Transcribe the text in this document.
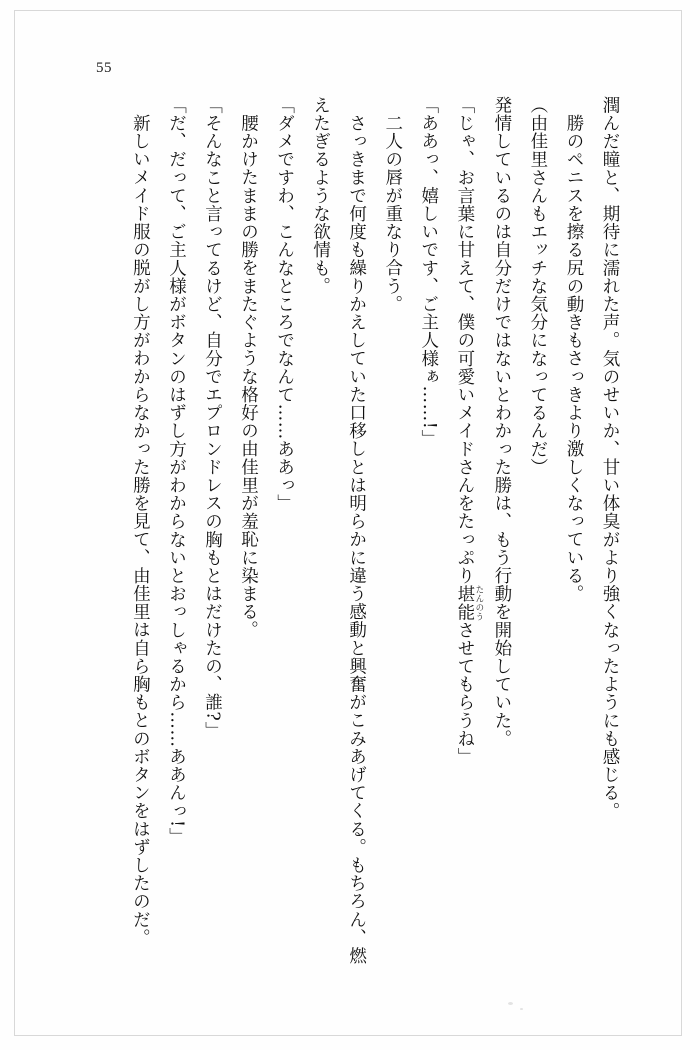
55

潤んだ瞳と、期待に濡れた声。気のせいか、甘い体臭がより強くなったようにも感じる。

勝のペニスを擦る尻の動きもさっきより激しくなっている。

（由佳里さんもエッチな気分になってるんだ）

発情しているのは自分だけではないとわかった勝は、もう行動を開始していた。

「じゃ、お言葉に甘えて、僕の可愛いメイドさんをたっぷり堪能 たんのうさせてもらうね」

「ああっ、嬉しいです、ご主人様ぁ……!」

二人の唇が重なり合う。

さっきまで何度も繰りかえしていた口移しとは明らかに違う感動と興奮がこみあげてくる。もちろん、燃えたぎるような欲情も。

「ダメですわ、こんなところでなんて……ああっ」

腰かけたままの勝をまたぐような格好の由佳里が羞恥に染まる。

「そんなこと言ってるけど、自分でエプロンドレスの胸もとはだけたの、誰?」

「だ、だって、ご主人様がボタンのはずし方がわからないとおっしゃるから……ああんっ!」

新しいメイド服の脱がし方がわからなかった勝を見て、由佳里は自ら胸もとのボタンをはずしたのだ。
